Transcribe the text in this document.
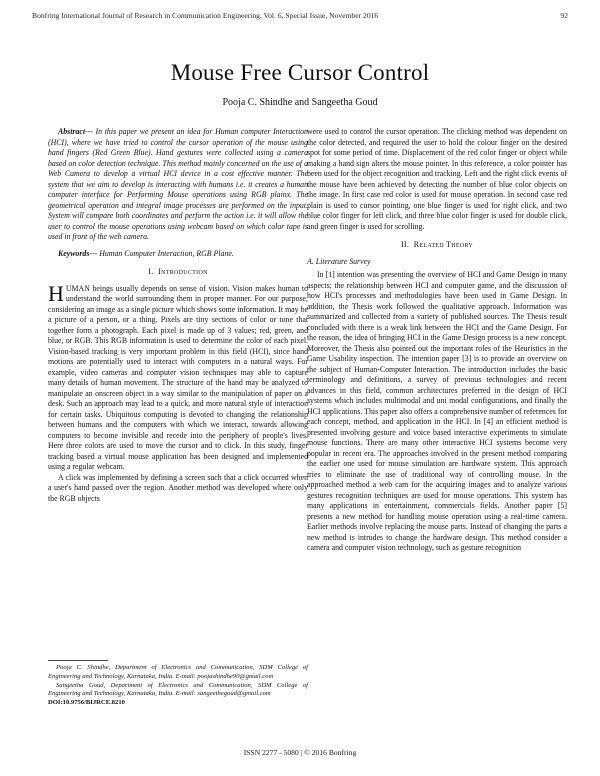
Bonfring International Journal of Research in Communication Engineering, Vol. 6, Special Issue, November 2016	92
Mouse Free Cursor Control
Pooja C. Shindhe and Sangeetha Goud

Abstract--- In this paper we present an idea for Human computer Interaction (HCI), where we have tried to control the cursor operation of the mouse using hand fingers (Red Green Blue). Hand gestures were collected using a camera based on color detection technique. This method mainly concerned on the use of a Web Camera to develop a virtual HCI device in a cost effective manner. The system that we aim to develop is interacting with humans i.e. it creates a human computer interface for Performing Mouse operations using RGB plainx. The geometrical operation and integral image processes are performed on the input. System will compare both coordinates and perform the action i.e. it will allow the user to control the mouse operations using webcam based on which color tape is used in front of the web camera.

Keywords--- Human Computer Interaction, RGB Plane.

I. Introduction

HUMAN beings usually depends on sense of vision. Vision makes human to understand the world surrounding them in proper manner. For our purpose, considering an image as a single picture which shows some information. It may be a picture of a person, or a thing. Pixels are tiny sections of color or tone that together form a photograph. Each pixel is made up of 3 values; red, green, and blue, or RGB. This RGB information is used to determine the color of each pixel. Vision-based tracking is very important problem in this field (HCI), since hand motions are potentially used to interact with computers in a natural ways. For example, video cameras and computer vision techniques may able to capture many details of human movement. The structure of the hand may be analyzed to manipulate an onscreen object in a way similar to the manipulation of paper on a desk. Such an approach may lead to a quick, and more natural style of interaction for certain tasks. Ubiquitous computing is devoted to changing the relationship between humans and the computers with which we interact, towards allowing computers to become invisible and recede into the periphery of people's lives. Here three colors are used to move the cursor and to click. In this study, finger tracking based a virtual mouse application has been designed and implemented using a regular webcam.

A click was implemented by defining a screen such that a click occurred when a user's hand passed over the region. Another method was developed where only the RGB objects

were used to control the cursor operation. The clicking method was dependent on the color detected, and required the user to hold the colour finger on the desired spot for some period of time. Displacement of the red color finger or object while making a hand sign alters the mouse pointer. In this reference, a color pointer has been used for the object recognition and tracking. Left and the right click events of the mouse have been achieved by detecting the number of blue color objects on the image. In first case red color is used for mouse operation. In second case red plain is used to cursor pointing, one blue finger is used for right click, and two blue color finger for left click, and three blue color finger is used for double click, and green finger is used for scrolling.

II. Related Theory

A. Literature Survey

In [1] intention was presenting the overview of HCI and Game Design in many aspects; the relationship between HCI and computer game, and the discussion of how HCI's processes and methodologies have been used in Game Design. In addition, the Thesis work followed the qualitative approach. Information was summarized and collected from a variety of published sources. The Thesis result concluded with there is a weak link between the HCI and the Game Design. For the reason, the idea of bringing HCI in the Game Design process is a new concept. Moreover, the Thesis also pointed out the important roles of the Heuristics in the Game Usability inspection. The intention paper [3] is to provide an overview on the subject of Human-Computer Interaction. The introduction includes the basic terminology and definitions, a survey of previous technologies and recent advances in this field, common architectures preferred in the design of HCI systems which includes multimodal and uni modal configurations, and finally the HCI applications. This paper also offers a comprehensive number of references for each concept, method, and application in the HCI. In [4] an efficient method is presented involving gesture and voice based interactive experiments to simulate mouse functions. There are many other interactive HCI systems become very popular in recent era. The approaches involved in the present method comparing the earlier one used for mouse simulation are hardware system. This approach tries to eliminate the use of traditional way of controlling mouse. In the approached method a web cam for the acquiring images and to analyze various gestures recognition techniques are used for mouse operations. This system has many applications in entertainment, commercials fields. Another paper [5] presents a new method for handling mouse operation using a real-time camera. Earlier methods involve replacing the mouse parts. Instead of changing the parts a new method is intrudes to change the hardware design. This method consider a camera and computer vision technology, such as gesture recognition

Pooja C. Shindhe, Department of Electronics and Communication, SDM College of Engineering and Technology, Karnataka, India. E-mail: poojashindhe90@gmail.com

Sangeetha Goud, Department of Electronics and Communication, SDM College of Engineering and Technology, Karnataka, India. E-mail: sangeethegoud@gmail.com

DOI:10.9756/BIJRCE.8210

ISSN 2277 - 5080 | © 2016 Bonfring
